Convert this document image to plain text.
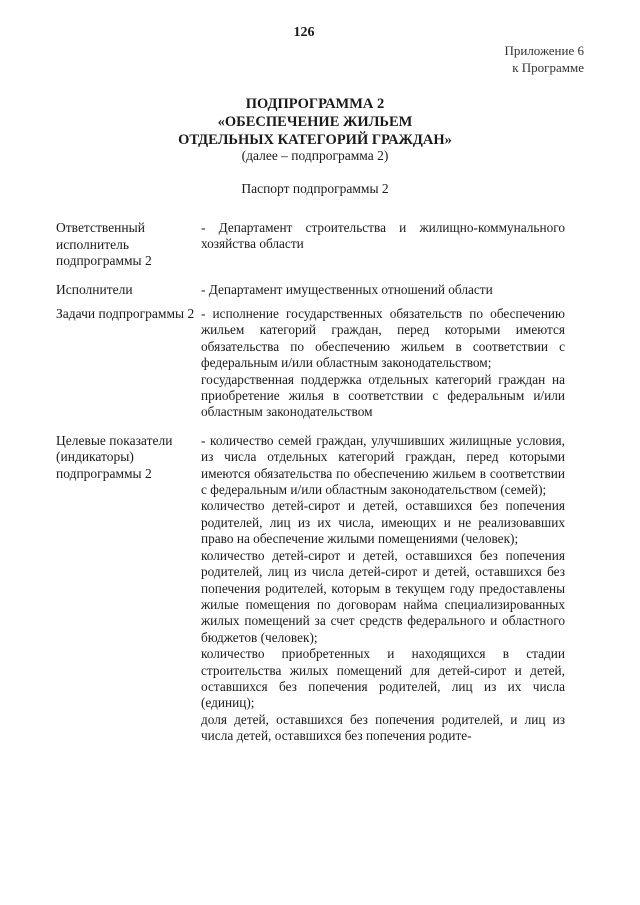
126
Приложение 6
к Программе
ПОДПРОГРАММА 2
«ОБЕСПЕЧЕНИЕ ЖИЛЬЕМ
ОТДЕЛЬНЫХ КАТЕГОРИЙ ГРАЖДАН»
(далее – подпрограмма 2)
Паспорт подпрограммы 2
Ответственный исполнитель подпрограммы 2

- Департамент строительства и жилищно-коммунального хозяйства области

Исполнители	- Департамент имущественных отношений области

Задачи подпрограммы 2 - исполнение государственных обязательств по обеспечению жильем категорий граждан, перед которыми имеются обязательства по обеспечению жильем в соответствии с федеральным и/или областным законодательством;

государственная поддержка отдельных категорий граждан на приобретение жилья в соответствии с федеральным и/или областным законодательством

Целевые показатели (индикаторы) подпрограммы 2

- количество семей граждан, улучшивших жилищные условия, из числа отдельных категорий граждан, перед которыми имеются обязательства по обеспечению жильем в соответствии с федеральным и/или областным законодательством (семей);

количество детей-сирот и детей, оставшихся без попечения родителей, лиц из их числа, имеющих и не реализовавших право на обеспечение жилыми помещениями (человек);

количество детей-сирот и детей, оставшихся без попечения родителей, лиц из числа детей-сирот и детей, оставшихся без попечения родителей, которым в текущем году предоставлены жилые помещения по договорам найма специализированных жилых помещений за счет средств федерального и областного бюджетов (человек);

количество приобретенных и находящихся в стадии строительства жилых помещений для детей-сирот и детей, оставшихся без попечения родителей, лиц из их числа (единиц);

доля детей, оставшихся без попечения родителей, и лиц из числа детей, оставшихся без попечения родите-
